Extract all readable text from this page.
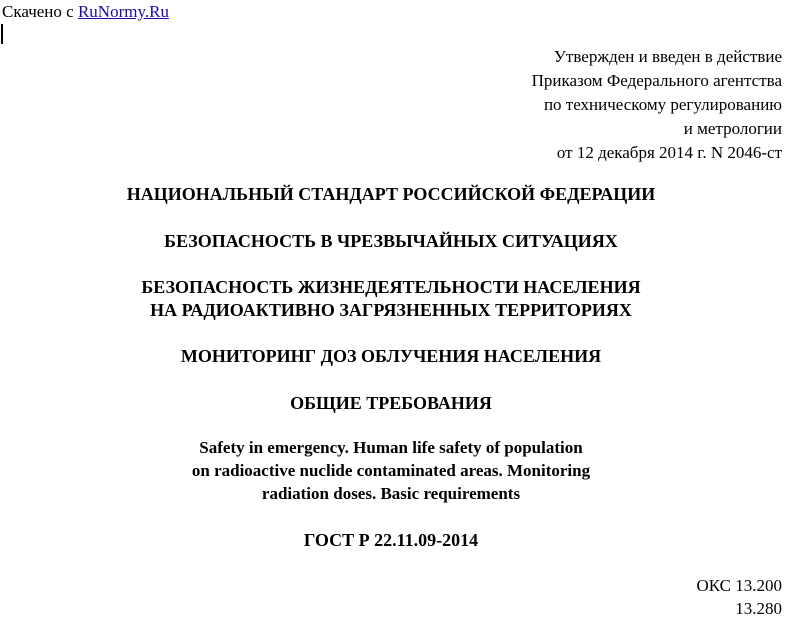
Скачено с RuNormy.Ru
Утвержден и введен в действие
Приказом Федерального агентства
по техническому регулированию
и метрологии
от 12 декабря 2014 г. N 2046-ст
НАЦИОНАЛЬНЫЙ СТАНДАРТ РОССИЙСКОЙ ФЕДЕРАЦИИ
БЕЗОПАСНОСТЬ В ЧРЕЗВЫЧАЙНЫХ СИТУАЦИЯХ
БЕЗОПАСНОСТЬ ЖИЗНЕДЕЯТЕЛЬНОСТИ НАСЕЛЕНИЯ
НА РАДИОАКТИВНО ЗАГРЯЗНЕННЫХ ТЕРРИТОРИЯХ
МОНИТОРИНГ ДОЗ ОБЛУЧЕНИЯ НАСЕЛЕНИЯ
ОБЩИЕ ТРЕБОВАНИЯ
Safety in emergency. Human life safety of population
on radioactive nuclide contaminated areas. Monitoring
radiation doses. Basic requirements
ГОСТ Р 22.11.09-2014
ОКС 13.200
13.280
